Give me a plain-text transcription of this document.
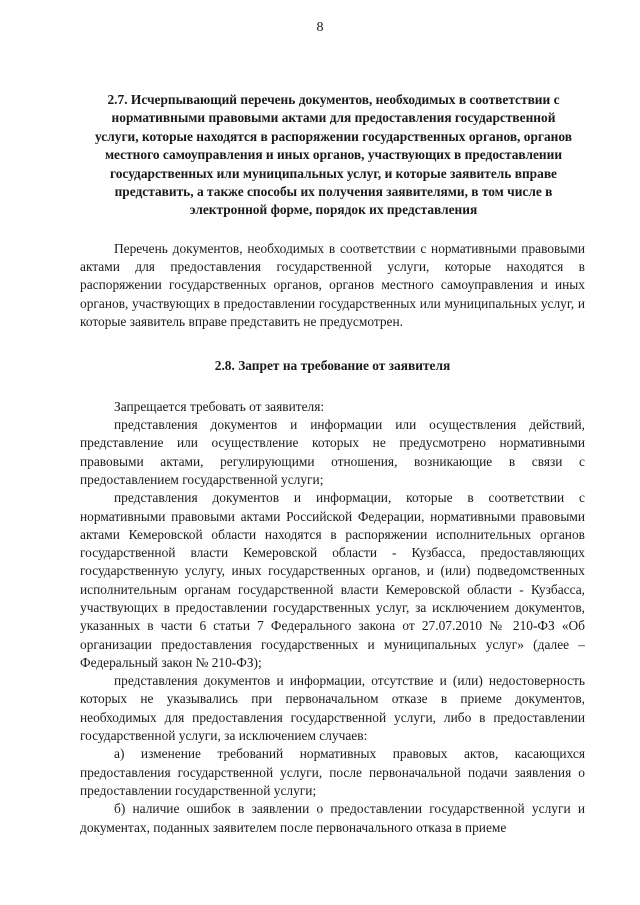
8

2.7. Исчерпывающий перечень документов, необходимых в соответствии с нормативными правовыми актами для предоставления государственной услуги, которые находятся в распоряжении государственных органов, органов местного самоуправления и иных органов, участвующих в предоставлении государственных или муниципальных услуг, и которые заявитель вправе представить, а также способы их получения заявителями, в том числе в электронной форме, порядок их представления

Перечень документов, необходимых в соответствии с нормативными правовыми актами для предоставления государственной услуги, которые находятся в распоряжении государственных органов, органов местного самоуправления и иных органов, участвующих в предоставлении государственных или муниципальных услуг, и которые заявитель вправе представить не предусмотрен.

2.8. Запрет на требование от заявителя

Запрещается требовать от заявителя:

представления документов и информации или осуществления действий, представление или осуществление которых не предусмотрено нормативными правовыми актами, регулирующими отношения, возникающие в связи с предоставлением государственной услуги;

представления документов и информации, которые в соответствии с нормативными правовыми актами Российской Федерации, нормативными правовыми актами Кемеровской области находятся в распоряжении исполнительных органов государственной власти Кемеровской области - Кузбасса, предоставляющих государственную услугу, иных государственных органов, и (или) подведомственных исполнительным органам государственной власти Кемеровской области - Кузбасса, участвующих в предоставлении государственных услуг, за исключением документов, указанных в части 6 статьи 7 Федерального закона от 27.07.2010 № 210-ФЗ «Об организации предоставления государственных и муниципальных услуг» (далее – Федеральный закон № 210-ФЗ);

представления документов и информации, отсутствие и (или) недостоверность которых не указывались при первоначальном отказе в приеме документов, необходимых для предоставления государственной услуги, либо в предоставлении государственной услуги, за исключением случаев:

а) изменение требований нормативных правовых актов, касающихся предоставления государственной услуги, после первоначальной подачи заявления о предоставлении государственной услуги;

б) наличие ошибок в заявлении о предоставлении государственной услуги и документах, поданных заявителем после первоначального отказа в приеме
